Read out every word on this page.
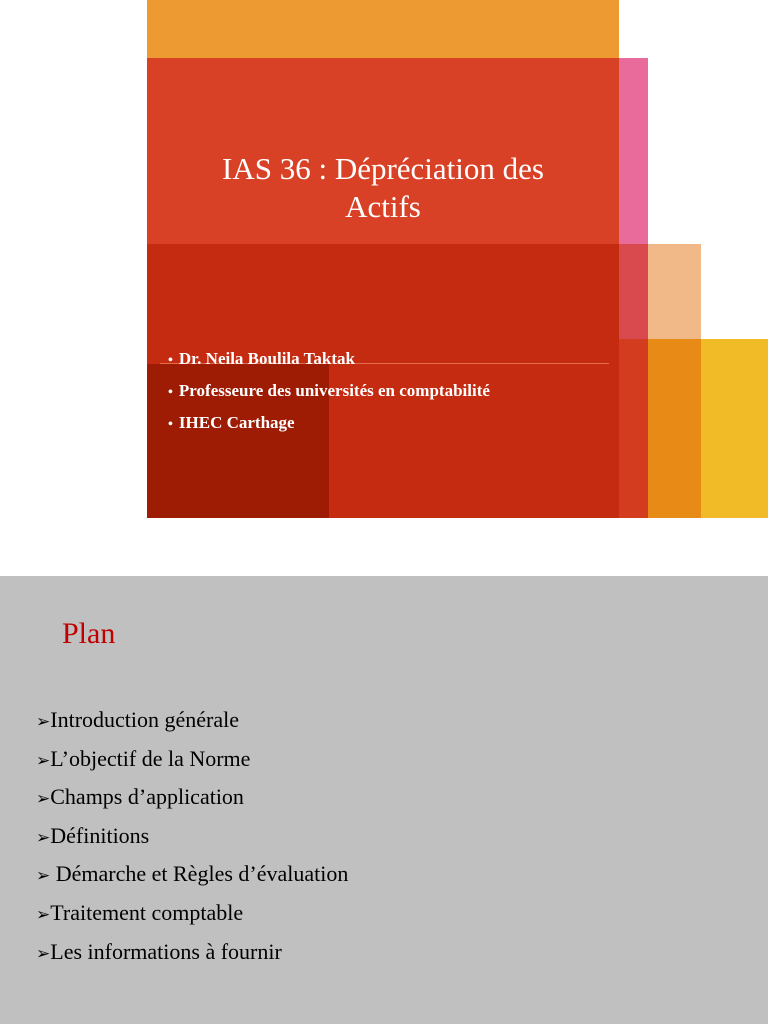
IAS 36 : Dépréciation des
Actifs
• Dr. Neila Boulila Taktak
• Professeure des universités en comptabilité
• IHEC Carthage
Plan
➢Introduction générale
➢L’objectif de la Norme
➢Champs d’application
➢Définitions
➢ Démarche et Règles d’évaluation
➢Traitement comptable
➢Les informations à fournir
